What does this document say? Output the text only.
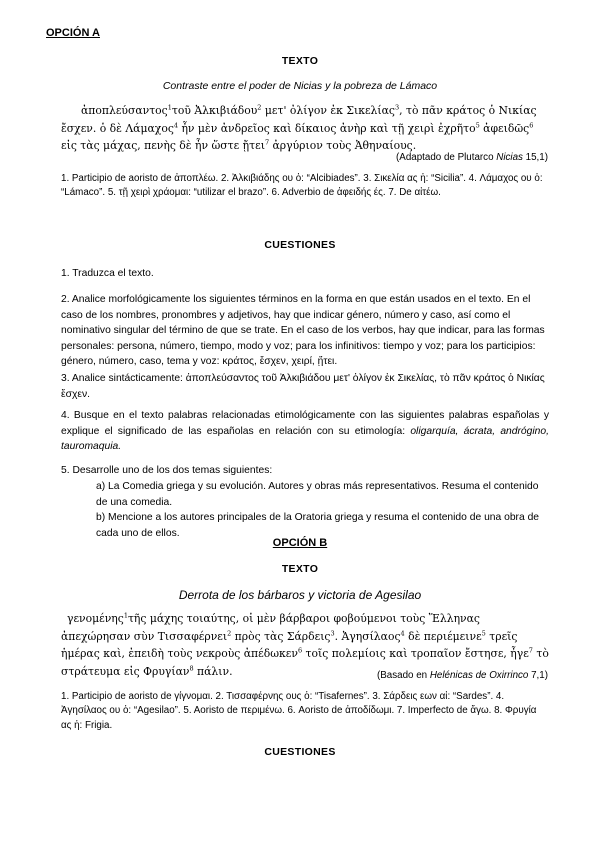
OPCIÓN A

TEXTO

Contraste entre el poder de Nicias y la pobreza de Lámaco

ἀποπλεύσαντος$^1$τοῦ Ἀλκιβιάδου$^2$ μετ' ὀλίγον ἐκ Σικελίας$^3$, τὸ πᾶν κράτος ὁ Νικίας ἔσχεν. ὁ δὲ Λάμαχος$^4$ ἦν μὲν ἀνδρεῖος καὶ δίκαιος ἀνὴρ καὶ τῇ χειρὶ ἐχρῆτο$^5$ ἀφειδῶς$^6$ εἰς τὰς μάχας, πενὴς δὲ ἦν ὥστε ᾔτει$^7$ ἀργύριον τοὺς Ἀθηναίους.

(Adaptado de Plutarco Nicias 15,1)

1. Participio de aoristo de ἀποπλέω. 2. Ἀλκιβιάδης ου ὁ: “Alcibiades”. 3. Σικελία ας ἡ: “Sicilia”. 4. Λάμαχος ου ὁ: “Lámaco”. 5. τῇ χειρὶ χράομαι: “utilizar el brazo”. 6. Adverbio de ἀφειδής ές. 7. De αἰτέω.

CUESTIONES

1. Traduzca el texto.

2. Analice morfológicamente los siguientes términos en la forma en que están usados en el texto. En el caso de los nombres, pronombres y adjetivos, hay que indicar género, número y caso, así como el nominativo singular del término de que se trate. En el caso de los verbos, hay que indicar, para las formas personales: persona, número, tiempo, modo y voz; para los infinitivos: tiempo y voz; para los participios: género, número, caso, tema y voz: κράτος, ἔσχεν, χειρί, ᾔτει.

3. Analice sintácticamente: ἀποπλεύσαντος τοῦ Ἀλκιβιάδου μετ' ὀλίγον ἐκ Σικελίας, τὸ πᾶν κράτος ὁ Νικίας ἔσχεν.

4. Busque en el texto palabras relacionadas etimológicamente con las siguientes palabras españolas y explique el significado de las españolas en relación con su etimología: oligarquía, ácrata, andrógino, tauromaquia.

5. Desarrolle uno de los dos temas siguientes:

a) La Comedia griega y su evolución. Autores y obras más representativos. Resuma el contenido de una comedia.

b) Mencione a los autores principales de la Oratoria griega y resuma el contenido de una obra de cada uno de ellos.

OPCIÓN B

TEXTO

Derrota de los bárbaros y victoria de Agesilao

γενομένης$^1$τῆς μάχης τοιαύτης, οἱ μὲν βάρβαροι φοβούμενοι τοὺς Ἕλληνας ἀπεχώρησαν σὺν Τισσαφέρνει$^2$ πρὸς τὰς Σάρδεις$^3$. Ἀγησίλαος$^4$ δὲ περιέμεινε$^5$ τρεῖς ἡμέρας καὶ, ἐπειδὴ τοὺς νεκροὺς ἀπέδωκεν$^6$ τοῖς πολεμίοις καὶ τροπαῖον ἔστησε, ἦγε$^7$ τὸ στράτευμα εἰς Φρυγίαν$^8$ πάλιν.	(Basado en Helénicas de Oxirrinco 7,1)

1. Participio de aoristo de γίγνομαι. 2. Τισσαφέρνης ους ὁ: “Tisafernes”. 3. Σάρδεις εων αἱ: “Sardes”. 4. Ἀγησίλαος ου ὁ: “Agesilao”. 5. Aoristo de περιμένω. 6. Aoristo de ἀποδίδωμι. 7. Imperfecto de ἄγω. 8. Φρυγία ας ἡ: Frigia.

CUESTIONES
